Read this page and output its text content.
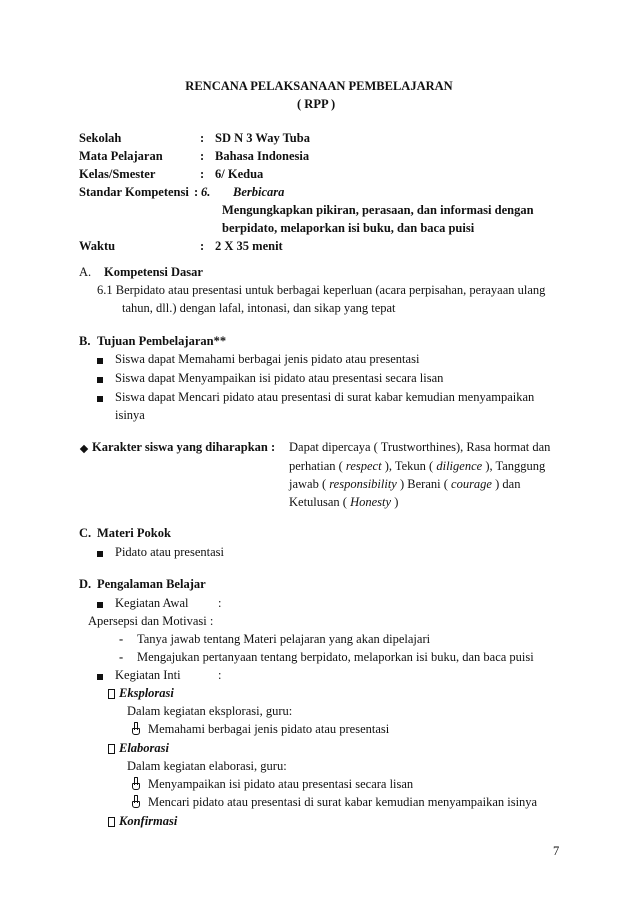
RENCANA PELAKSANAAN PEMBELAJARAN
( RPP )
Sekolah	: SD N 3 Way Tuba
Mata Pelajaran	: Bahasa Indonesia
Kelas/Smester	: 6/ Kedua
Standar Kompetensi : 6. Berbicara
Mengungkapkan pikiran, perasaan, dan informasi dengan
berpidato, melaporkan isi buku, dan baca puisi
Waktu	: 2 X 35 menit
A. Kompetensi Dasar
6.1 Berpidato atau presentasi untuk berbagai keperluan (acara perpisahan, perayaan ulang
tahun, dll.) dengan lafal, intonasi, dan sikap yang tepat
B. Tujuan Pembelajaran**
Siswa dapat Memahami berbagai jenis pidato atau presentasi
Siswa dapat Menyampaikan isi pidato atau presentasi secara lisan
Siswa dapat Mencari pidato atau presentasi di surat kabar kemudian menyampaikan
isinya
Karakter siswa yang diharapkan : Dapat dipercaya ( Trustworthines), Rasa hormat dan
perhatian ( respect ), Tekun ( diligence ), Tanggung
jawab ( responsibility ) Berani ( courage ) dan
Ketulusan ( Honesty )
C. Materi Pokok
Pidato atau presentasi
D. Pengalaman Belajar
Kegiatan Awal :
Apersepsi dan Motivasi :
- Tanya jawab tentang Materi pelajaran yang akan dipelajari
- Mengajukan pertanyaan tentang berpidato, melaporkan isi buku, dan baca puisi
Kegiatan Inti	:
Eksplorasi
Dalam kegiatan eksplorasi, guru:
Memahami berbagai jenis pidato atau presentasi
Elaborasi
Dalam kegiatan elaborasi, guru:
Menyampaikan isi pidato atau presentasi secara lisan
Mencari pidato atau presentasi di surat kabar kemudian menyampaikan isinya
Konfirmasi
7
